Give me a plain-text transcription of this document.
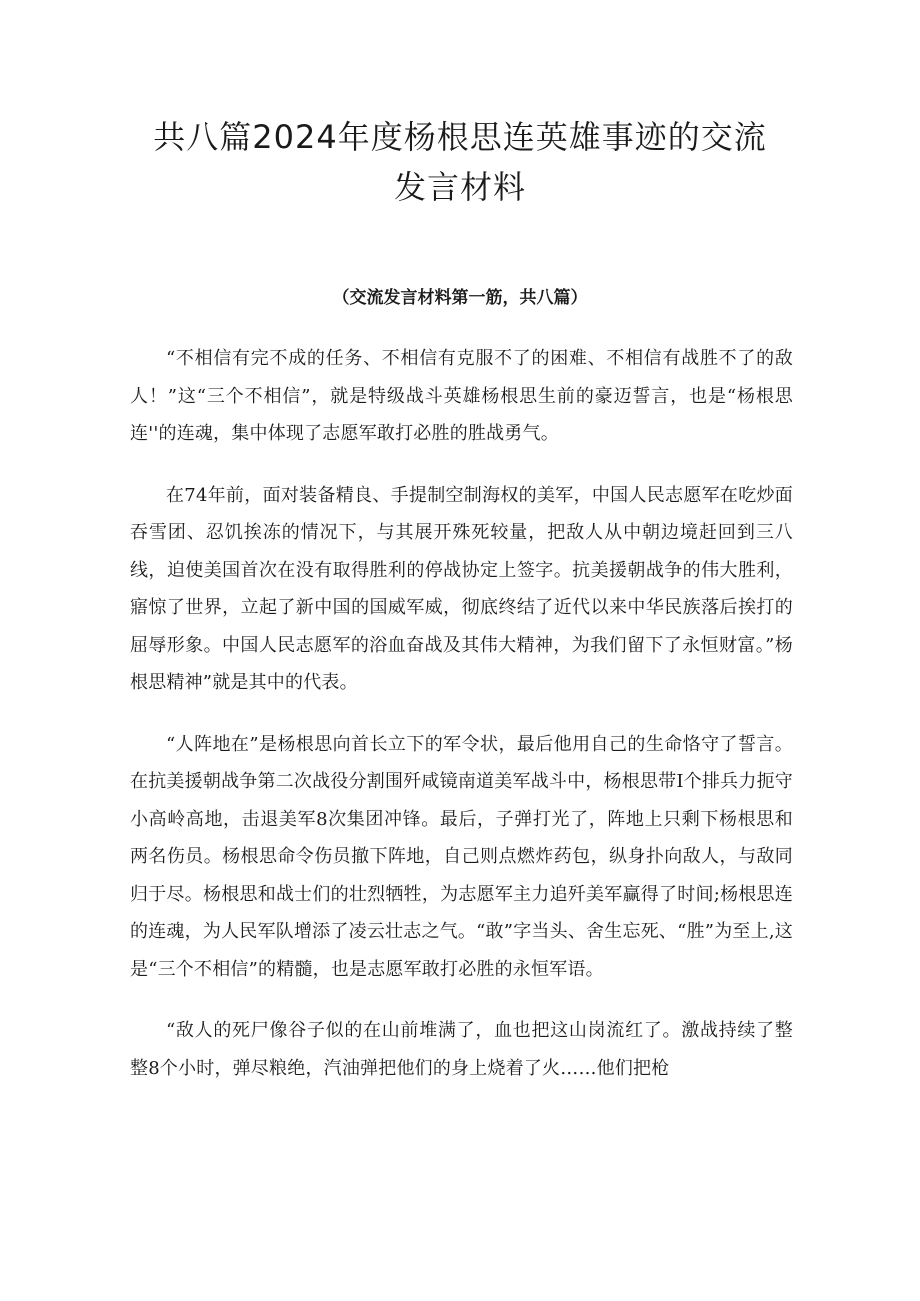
共八篇2024年度杨根思连英雄事迹的交流
发言材料

（交流发言材料第一筋，共八篇）

“不相信有完不成的任务、不相信有克服不了的困难、不相信有战胜不了的敌人！”这“三个不相信”，就是特级战斗英雄杨根思生前的豪迈誓言，也是“杨根思连''的连魂，集中体现了志愿军敢打必胜的胜战勇气。

在74年前，面对装备精良、手提制空制海权的美军，中国人民志愿军在吃炒面吞雪团、忍饥挨冻的情况下，与其展开殊死较量，把敌人从中朝边境赶回到三八线，迫使美国首次在没有取得胜利的停战协定上签字。抗美援朝战争的伟大胜利，寤惊了世界，立起了新中国的国威军威，彻底终结了近代以来中华民族落后挨打的屈辱形象。中国人民志愿军的浴血奋战及其伟大精神，为我们留下了永恒财富。”杨根思精神”就是其中的代表。

“人阵地在”是杨根思向首长立下的军令状，最后他用自己的生命恪守了誓言。在抗美援朝战争第二次战役分割围歼咸镜南道美军战斗中，杨根思带I个排兵力扼守小高岭高地，击退美军8次集团冲锋。最后，子弹打光了，阵地上只剩下杨根思和两名伤员。杨根思命令伤员撤下阵地，自己则点燃炸药包，纵身扑向敌人，与敌同归于尽。杨根思和战士们的壮烈牺牲，为志愿军主力追歼美军赢得了时间;杨根思连的连魂，为人民军队增添了凌云壮志之气。“敢”字当头、舍生忘死、“胜”为至上,这是“三个不相信”的精髓，也是志愿军敢打必胜的永恒军语。

“敌人的死尸像谷子似的在山前堆满了，血也把这山岗流红了。激战持续了整整8个小时，弹尽粮绝，汽油弹把他们的身上烧着了火……他们把枪
